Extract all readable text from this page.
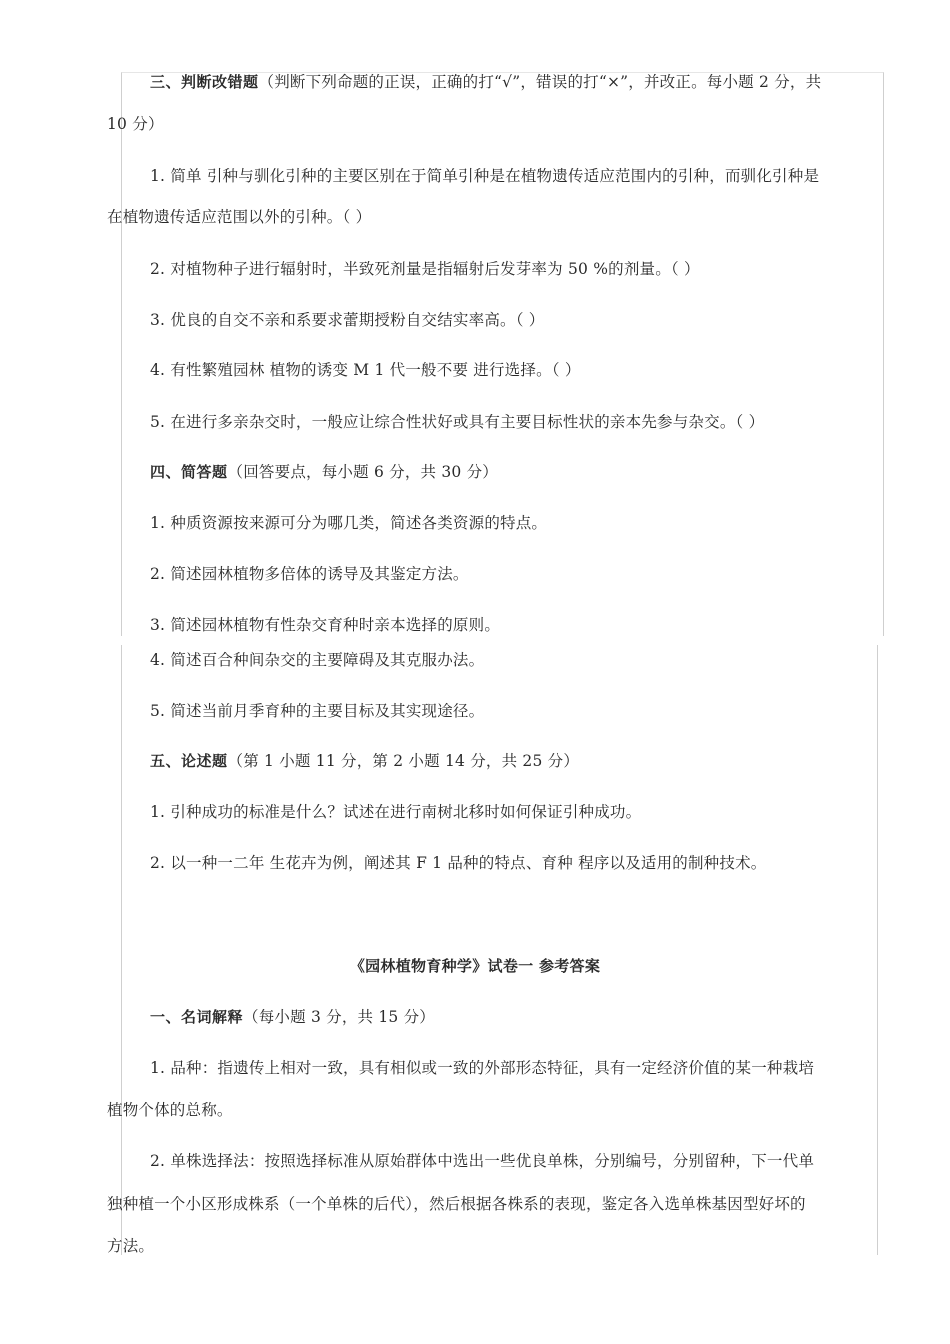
三、判断改错题（判断下列命题的正误，正确的打“√”，错误的打“×”，并改正。每小题 2 分，共
10 分）
1. 简单 引种与驯化引种的主要区别在于简单引种是在植物遗传适应范围内的引种，而驯化引种是
在植物遗传适应范围以外的引种。（ ）
2. 对植物种子进行辐射时，半致死剂量是指辐射后发芽率为 50 %的剂量。（ ）
3. 优良的自交不亲和系要求蕾期授粉自交结实率高。（ ）
4. 有性繁殖园林 植物的诱变 M 1 代一般不要 进行选择。（ ）
5. 在进行多亲杂交时，一般应让综合性状好或具有主要目标性状的亲本先参与杂交。（ ）
四、简答题（回答要点，每小题 6 分，共 30 分）
1. 种质资源按来源可分为哪几类，简述各类资源的特点。
2. 简述园林植物多倍体的诱导及其鉴定方法。
3. 简述园林植物有性杂交育种时亲本选择的原则。
4. 简述百合种间杂交的主要障碍及其克服办法。
5. 简述当前月季育种的主要目标及其实现途径。
五、论述题（第 1 小题 11 分，第 2 小题 14 分，共 25 分）
1. 引种成功的标准是什么？试述在进行南树北移时如何保证引种成功。
2. 以一种一二年 生花卉为例，阐述其 F 1 品种的特点、育种 程序以及适用的制种技术。
《园林植物育种学》试卷一 参考答案
一、名词解释（每小题 3 分，共 15 分）
1. 品种：指遗传上相对一致，具有相似或一致的外部形态特征，具有一定经济价值的某一种栽培
植物个体的总称。
2. 单株选择法：按照选择标准从原始群体中选出一些优良单株，分别编号，分别留种，下一代单
独种植一个小区形成株系（一个单株的后代），然后根据各株系的表现，鉴定各入选单株基因型好坏的
方法。
